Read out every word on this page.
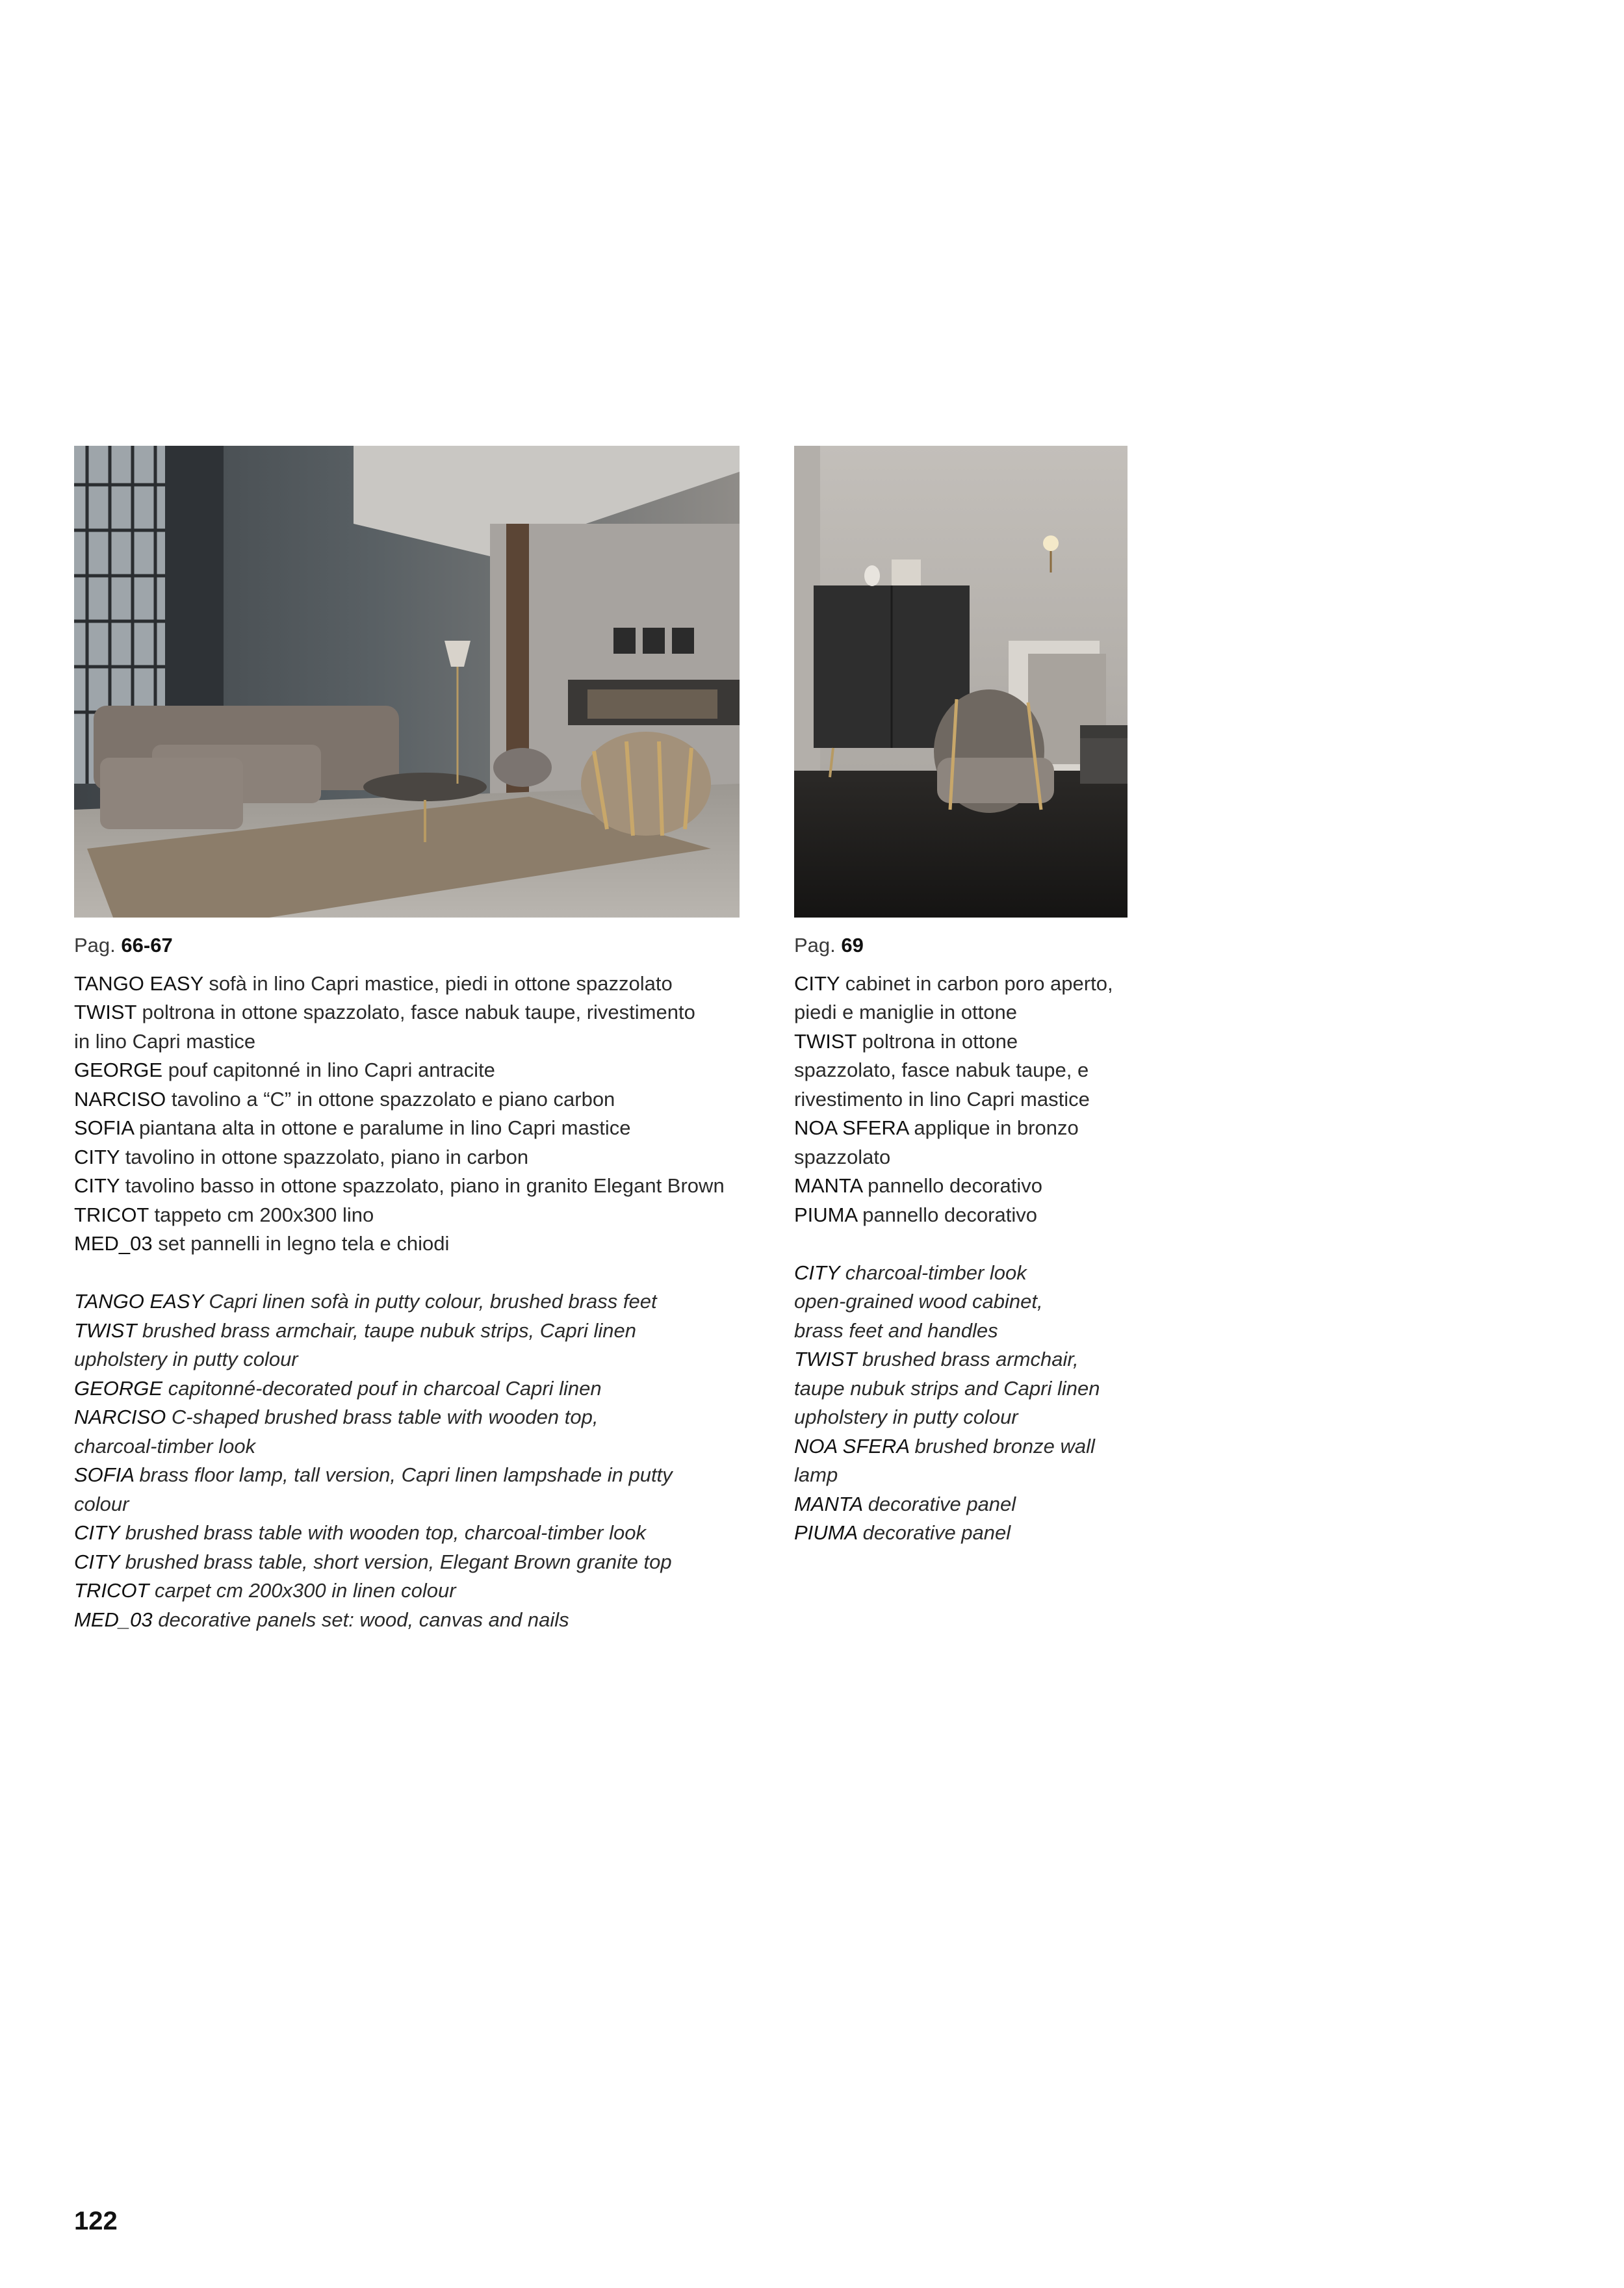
Pag. 66-67
TANGO EASY sofà in lino Capri mastice, piedi in ottone spazzolato
TWIST poltrona in ottone spazzolato, fasce nabuk taupe, rivestimento
in lino Capri mastice
GEORGE pouf capitonné in lino Capri antracite
NARCISO tavolino a “C” in ottone spazzolato e piano carbon
SOFIA piantana alta in ottone e paralume in lino Capri mastice
CITY tavolino in ottone spazzolato, piano in carbon
CITY tavolino basso in ottone spazzolato, piano in granito Elegant Brown
TRICOT tappeto cm 200x300 lino
MED_03 set pannelli in legno tela e chiodi
TANGO EASY Capri linen sofà in putty colour, brushed brass feet
TWIST brushed brass armchair, taupe nubuk strips, Capri linen
upholstery in putty colour
GEORGE capitonné-decorated pouf in charcoal Capri linen
NARCISO C-shaped brushed brass table with wooden top,
charcoal-timber look
SOFIA brass floor lamp, tall version, Capri linen lampshade in putty
colour
CITY brushed brass table with wooden top, charcoal-timber look
CITY brushed brass table, short version, Elegant Brown granite top
TRICOT carpet cm 200x300 in linen colour
MED_03 decorative panels set: wood, canvas and nails
Pag. 69
CITY cabinet in carbon poro aperto,
piedi e maniglie in ottone
TWIST poltrona in ottone
spazzolato, fasce nabuk taupe, e
rivestimento in lino Capri mastice
NOA SFERA applique in bronzo
spazzolato
MANTA pannello decorativo
PIUMA pannello decorativo
CITY charcoal-timber look
open-grained wood cabinet,
brass feet and handles
TWIST brushed brass armchair,
taupe nubuk strips and Capri linen
upholstery in putty colour
NOA SFERA brushed bronze wall
lamp
MANTA decorative panel
PIUMA decorative panel
122
